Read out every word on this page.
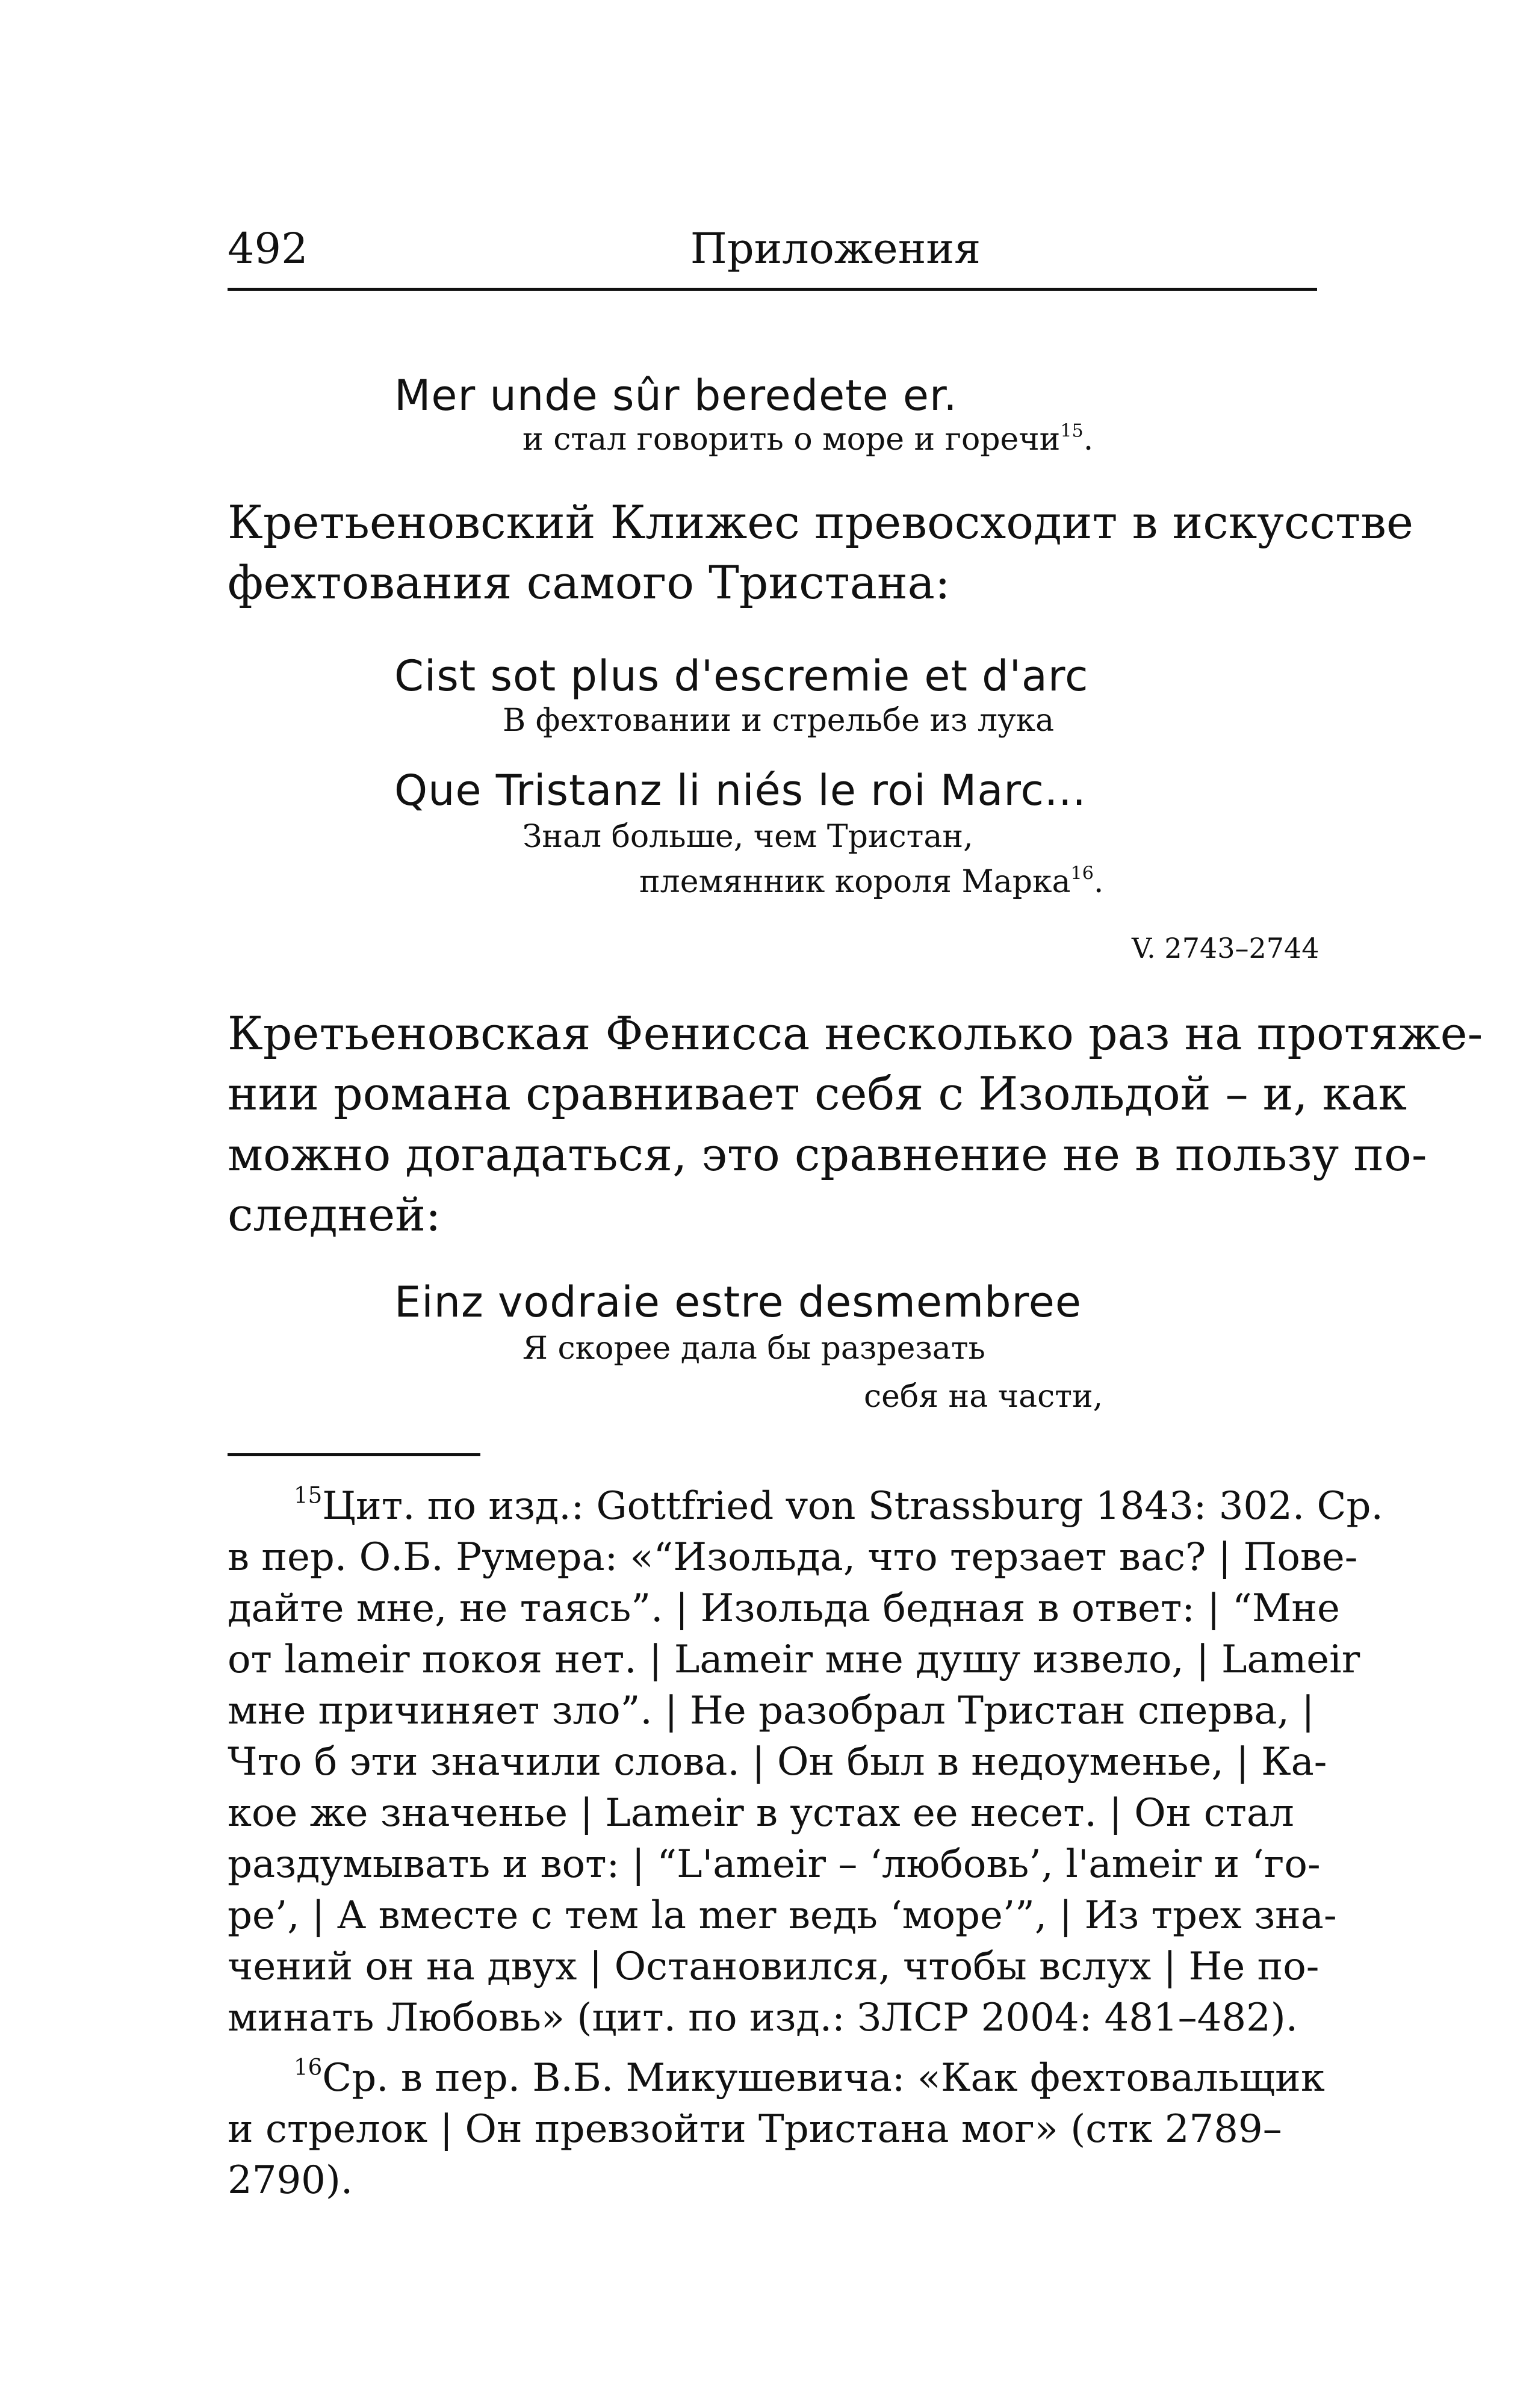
492	Приложения
Mer unde sûr beredete er.
и стал говорить о море и горечи$^{15}$.
Кретьеновский Клижес превосходит в искусстве
фехтования самого Тристана:
Cist sot plus d'escremie et d'arc
В фехтовании и стрельбе из лука
Que Tristanz li niés le roi Marc...
Знал больше, чем Тристан,
племянник короля Марка$^{16}$.
V. 2743–2744
Кретьеновская Фенисса несколько раз на протяже-
нии романа сравнивает себя с Изольдой – и, как
можно догадаться, это сравнение не в пользу по-
следней:
Einz vodraie estre desmembree
Я скорее дала бы разрезать
себя на части,
$^{15}$Цит. по изд.: Gottfried von Strassburg 1843: 302. Ср.
в пер. О.Б. Румера: «“Изольда, что терзает вас? | Пове-
дайте мне, не таясь”. | Изольда бедная в ответ: | “Мне
от lameir покоя нет. | Lameir мне душу извело, | Lameir
мне причиняет зло”. | Не разобрал Тристан сперва, |
Что б эти значили слова. | Он был в недоуменье, | Ка-
кое же значенье | Lameir в устах ее несет. | Он стал
раздумывать и вот: | “L'ameir – ‘любовь’, l'ameir и ‘го-
ре’, | А вместе с тем la mer ведь ‘море’”, | Из трех зна-
чений он на двух | Остановился, чтобы вслух | Не по-
минать Любовь» (цит. по изд.: ЗЛСР 2004: 481–482).
$^{16}$Ср. в пер. В.Б. Микушевича: «Как фехтовальщик
и стрелок | Он превзойти Тристана мог» (стк 2789–
2790).
